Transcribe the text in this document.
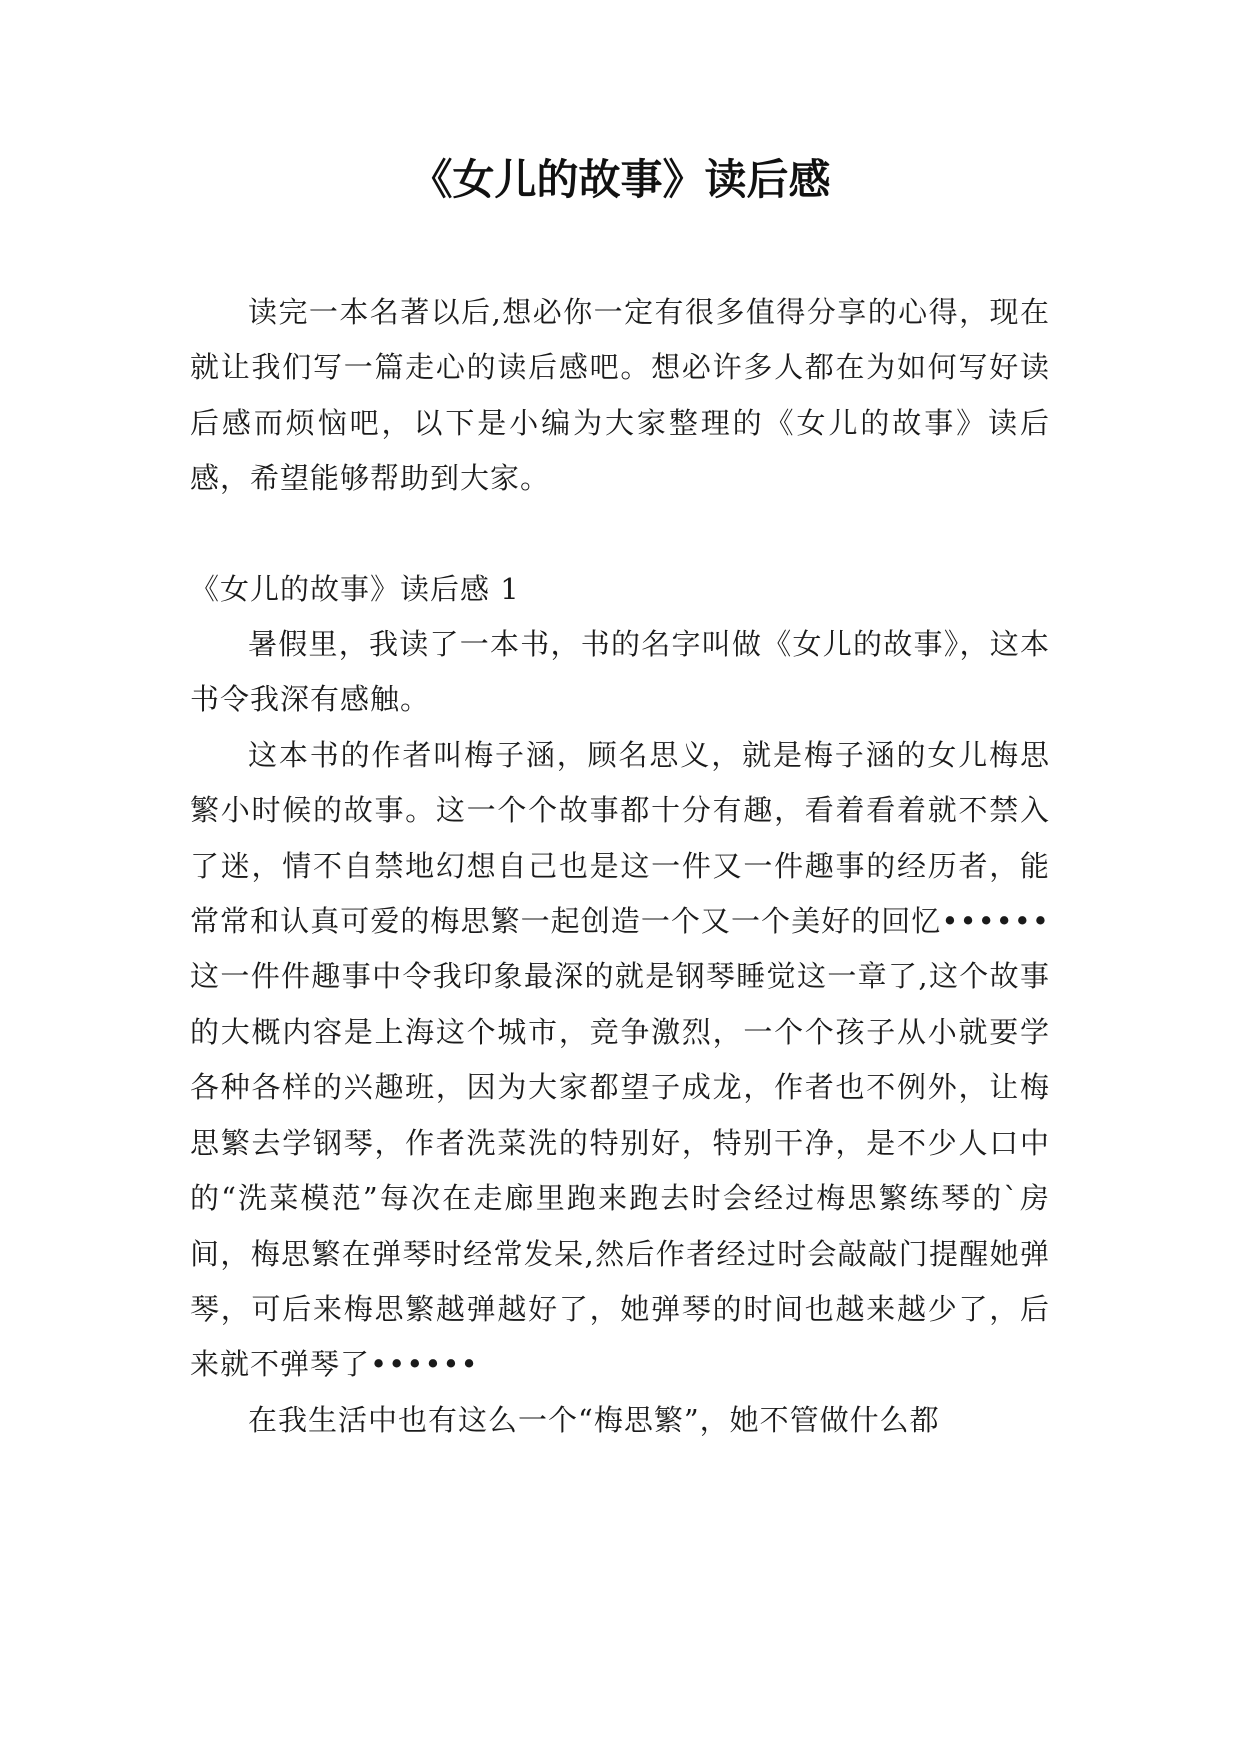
《女儿的故事》读后感

读完一本名著以后,想必你一定有很多值得分享的心得，现在就让我们写一篇走心的读后感吧。想必许多人都在为如何写好读后感而烦恼吧，以下是小编为大家整理的《女儿的故事》读后感，希望能够帮助到大家。

《女儿的故事》读后感 1

暑假里，我读了一本书，书的名字叫做《女儿的故事》，这本书令我深有感触。

这本书的作者叫梅子涵，顾名思义，就是梅子涵的女儿梅思繁小时候的故事。这一个个故事都十分有趣，看着看着就不禁入了迷，情不自禁地幻想自己也是这一件又一件趣事的经历者，能常常和认真可爱的梅思繁一起创造一个又一个美好的回忆••••••这一件件趣事中令我印象最深的就是钢琴睡觉这一章了,这个故事的大概内容是上海这个城市，竞争激烈，一个个孩子从小就要学各种各样的兴趣班，因为大家都望子成龙，作者也不例外，让梅思繁去学钢琴，作者洗菜洗的特别好，特别干净，是不少人口中的“洗菜模范”每次在走廊里跑来跑去时会经过梅思繁练琴的`房间，梅思繁在弹琴时经常发呆,然后作者经过时会敲敲门提醒她弹琴，可后来梅思繁越弹越好了，她弹琴的时间也越来越少了，后来就不弹琴了••••••

在我生活中也有这么一个“梅思繁”，她不管做什么都
